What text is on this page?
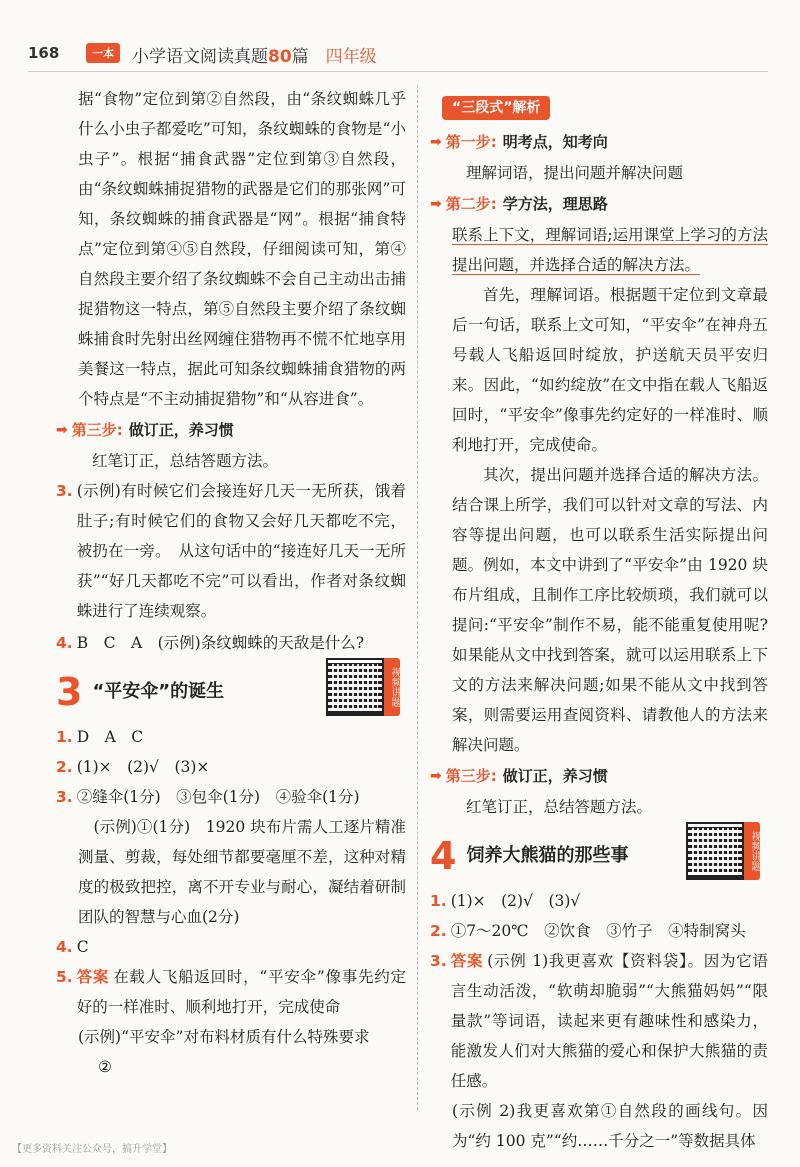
168	一本	小学语文阅读真题80篇　 四年级

据“食物”定位到第②自然段，由“条纹蜘蛛几乎什么小虫子都爱吃”可知，条纹蜘蛛的食物是“小虫子”。根据“捕食武器”定位到第③自然段，由“条纹蜘蛛捕捉猎物的武器是它们的那张网”可知，条纹蜘蛛的捕食武器是“网”。根据“捕食特点”定位到第④⑤自然段，仔细阅读可知，第④自然段主要介绍了条纹蜘蛛不会自己主动出击捕捉猎物这一特点，第⑤自然段主要介绍了条纹蜘蛛捕食时先射出丝网缠住猎物再不慌不忙地享用美餐这一特点，据此可知条纹蜘蛛捕食猎物的两个特点是“不主动捕捉猎物”和“从容进食”。

➡ 第三步: 做订正，养习惯

红笔订正，总结答题方法。

3. (示例)有时候它们会接连好几天一无所获，饿着肚子;有时候它们的食物又会好几天都吃不完，被扔在一旁。　从这句话中的“接连好几天一无所获”“好几天都吃不完”可以看出，作者对条纹蜘蛛进行了连续观察。
4. B　C　A　(示例)条纹蜘蛛的天敌是什么?
3 “平安伞”的诞生	视频讲题
1. D　A　C
2. (1)×　(2)√　(3)×
3. ②缝伞(1分)　③包伞(1分)　④验伞(1分)

(示例)①(1分)　1920 块布片需人工逐片精准测量、剪裁，每处细节都要毫厘不差，这种对精度的极致把控，离不开专业与耐心，凝结着研制团队的智慧与心血(2分)

4. C
5. 答案 在载人飞船返回时，“平安伞”像事先约定好的一样准时、顺利地打开，完成使命

(示例)“平安伞”对布料材质有什么特殊要求

②

“三段式”解析
➡ 第一步: 明考点，知考向

理解词语，提出问题并解决问题

➡ 第二步: 学方法，理思路

联系上下文，理解词语;运用课堂上学习的方法提出问题，并选择合适的解决方法。

首先，理解词语。根据题干定位到文章最后一句话，联系上文可知，“平安伞”在神舟五号载人飞船返回时绽放，护送航天员平安归来。因此，“如约绽放”在文中指在载人飞船返回时，“平安伞”像事先约定好的一样准时、顺利地打开，完成使命。

其次，提出问题并选择合适的解决方法。结合课上所学，我们可以针对文章的写法、内容等提出问题，也可以联系生活实际提出问题。例如，本文中讲到了“平安伞”由 1920 块布片组成，且制作工序比较烦琐，我们就可以提问:“平安伞”制作不易，能不能重复使用呢? 如果能从文中找到答案，就可以运用联系上下文的方法来解决问题;如果不能从文中找到答案，则需要运用查阅资料、请教他人的方法来解决问题。

➡ 第三步: 做订正，养习惯

红笔订正，总结答题方法。

4 饲养大熊猫的那些事	视频讲题
1. (1)×　(2)√　(3)√
2. ①7～20℃　②饮食　③竹子　④特制窝头
3. 答案 (示例 1)我更喜欢【资料袋】。因为它语言生动活泼，“软萌却脆弱”“大熊猫妈妈”“限量款”等词语，读起来更有趣味性和感染力，能激发人们对大熊猫的爱心和保护大熊猫的责任感。

(示例 2)我更喜欢第①自然段的画线句。因为“约 100 克”“约……千分之一”等数据具体

【更多资料关注公众号，搞升学堂】
